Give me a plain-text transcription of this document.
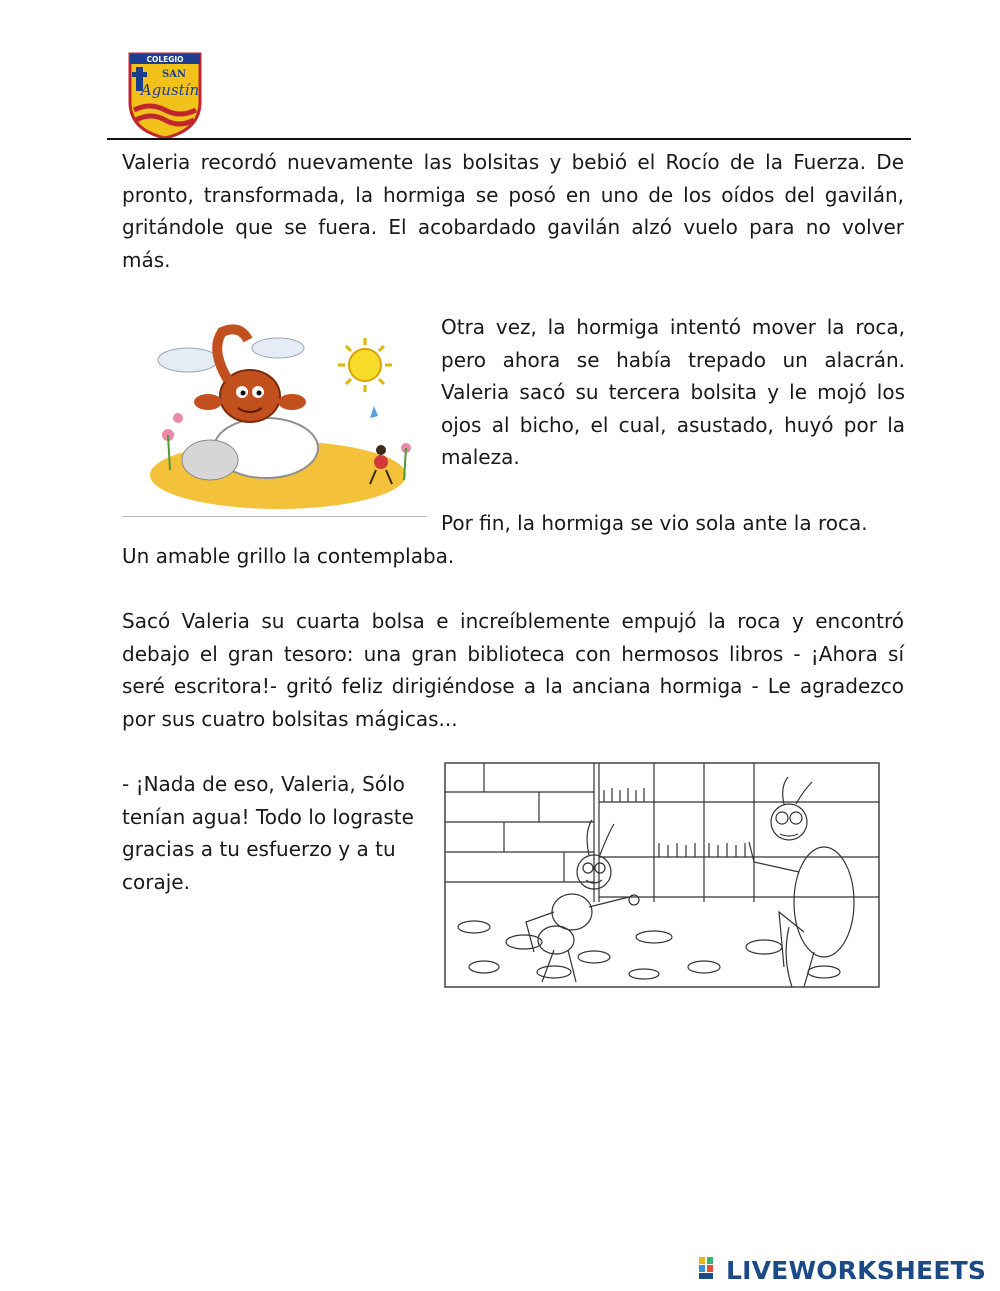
COLEGIO
SAN
Agustín
Valeria recordó nuevamente las bolsitas y bebió el Rocío de la Fuerza. De pronto, transformada, la hormiga se posó en uno de los oídos del gavilán, gritándole que se fuera. El acobardado gavilán alzó vuelo para no volver más.
Otra vez, la hormiga intentó mover la roca, pero ahora se había trepado un alacrán. Valeria sacó su tercera bolsita y le mojó los ojos al bicho, el cual, asustado, huyó por la maleza.
Por fin, la hormiga se vio sola ante la roca.
Un amable grillo la contemplaba.
Sacó Valeria su cuarta bolsa e increíblemente empujó la roca y encontró debajo el gran tesoro: una gran biblioteca con hermosos libros - ¡Ahora sí seré escritora!- gritó feliz dirigiéndose a la anciana hormiga - Le agradezco por sus cuatro bolsitas mágicas...
- ¡Nada de eso, Valeria, Sólo
tenían agua! Todo lo lograste
gracias a tu esfuerzo y a tu
coraje.
LIVEWORKSHEETS
